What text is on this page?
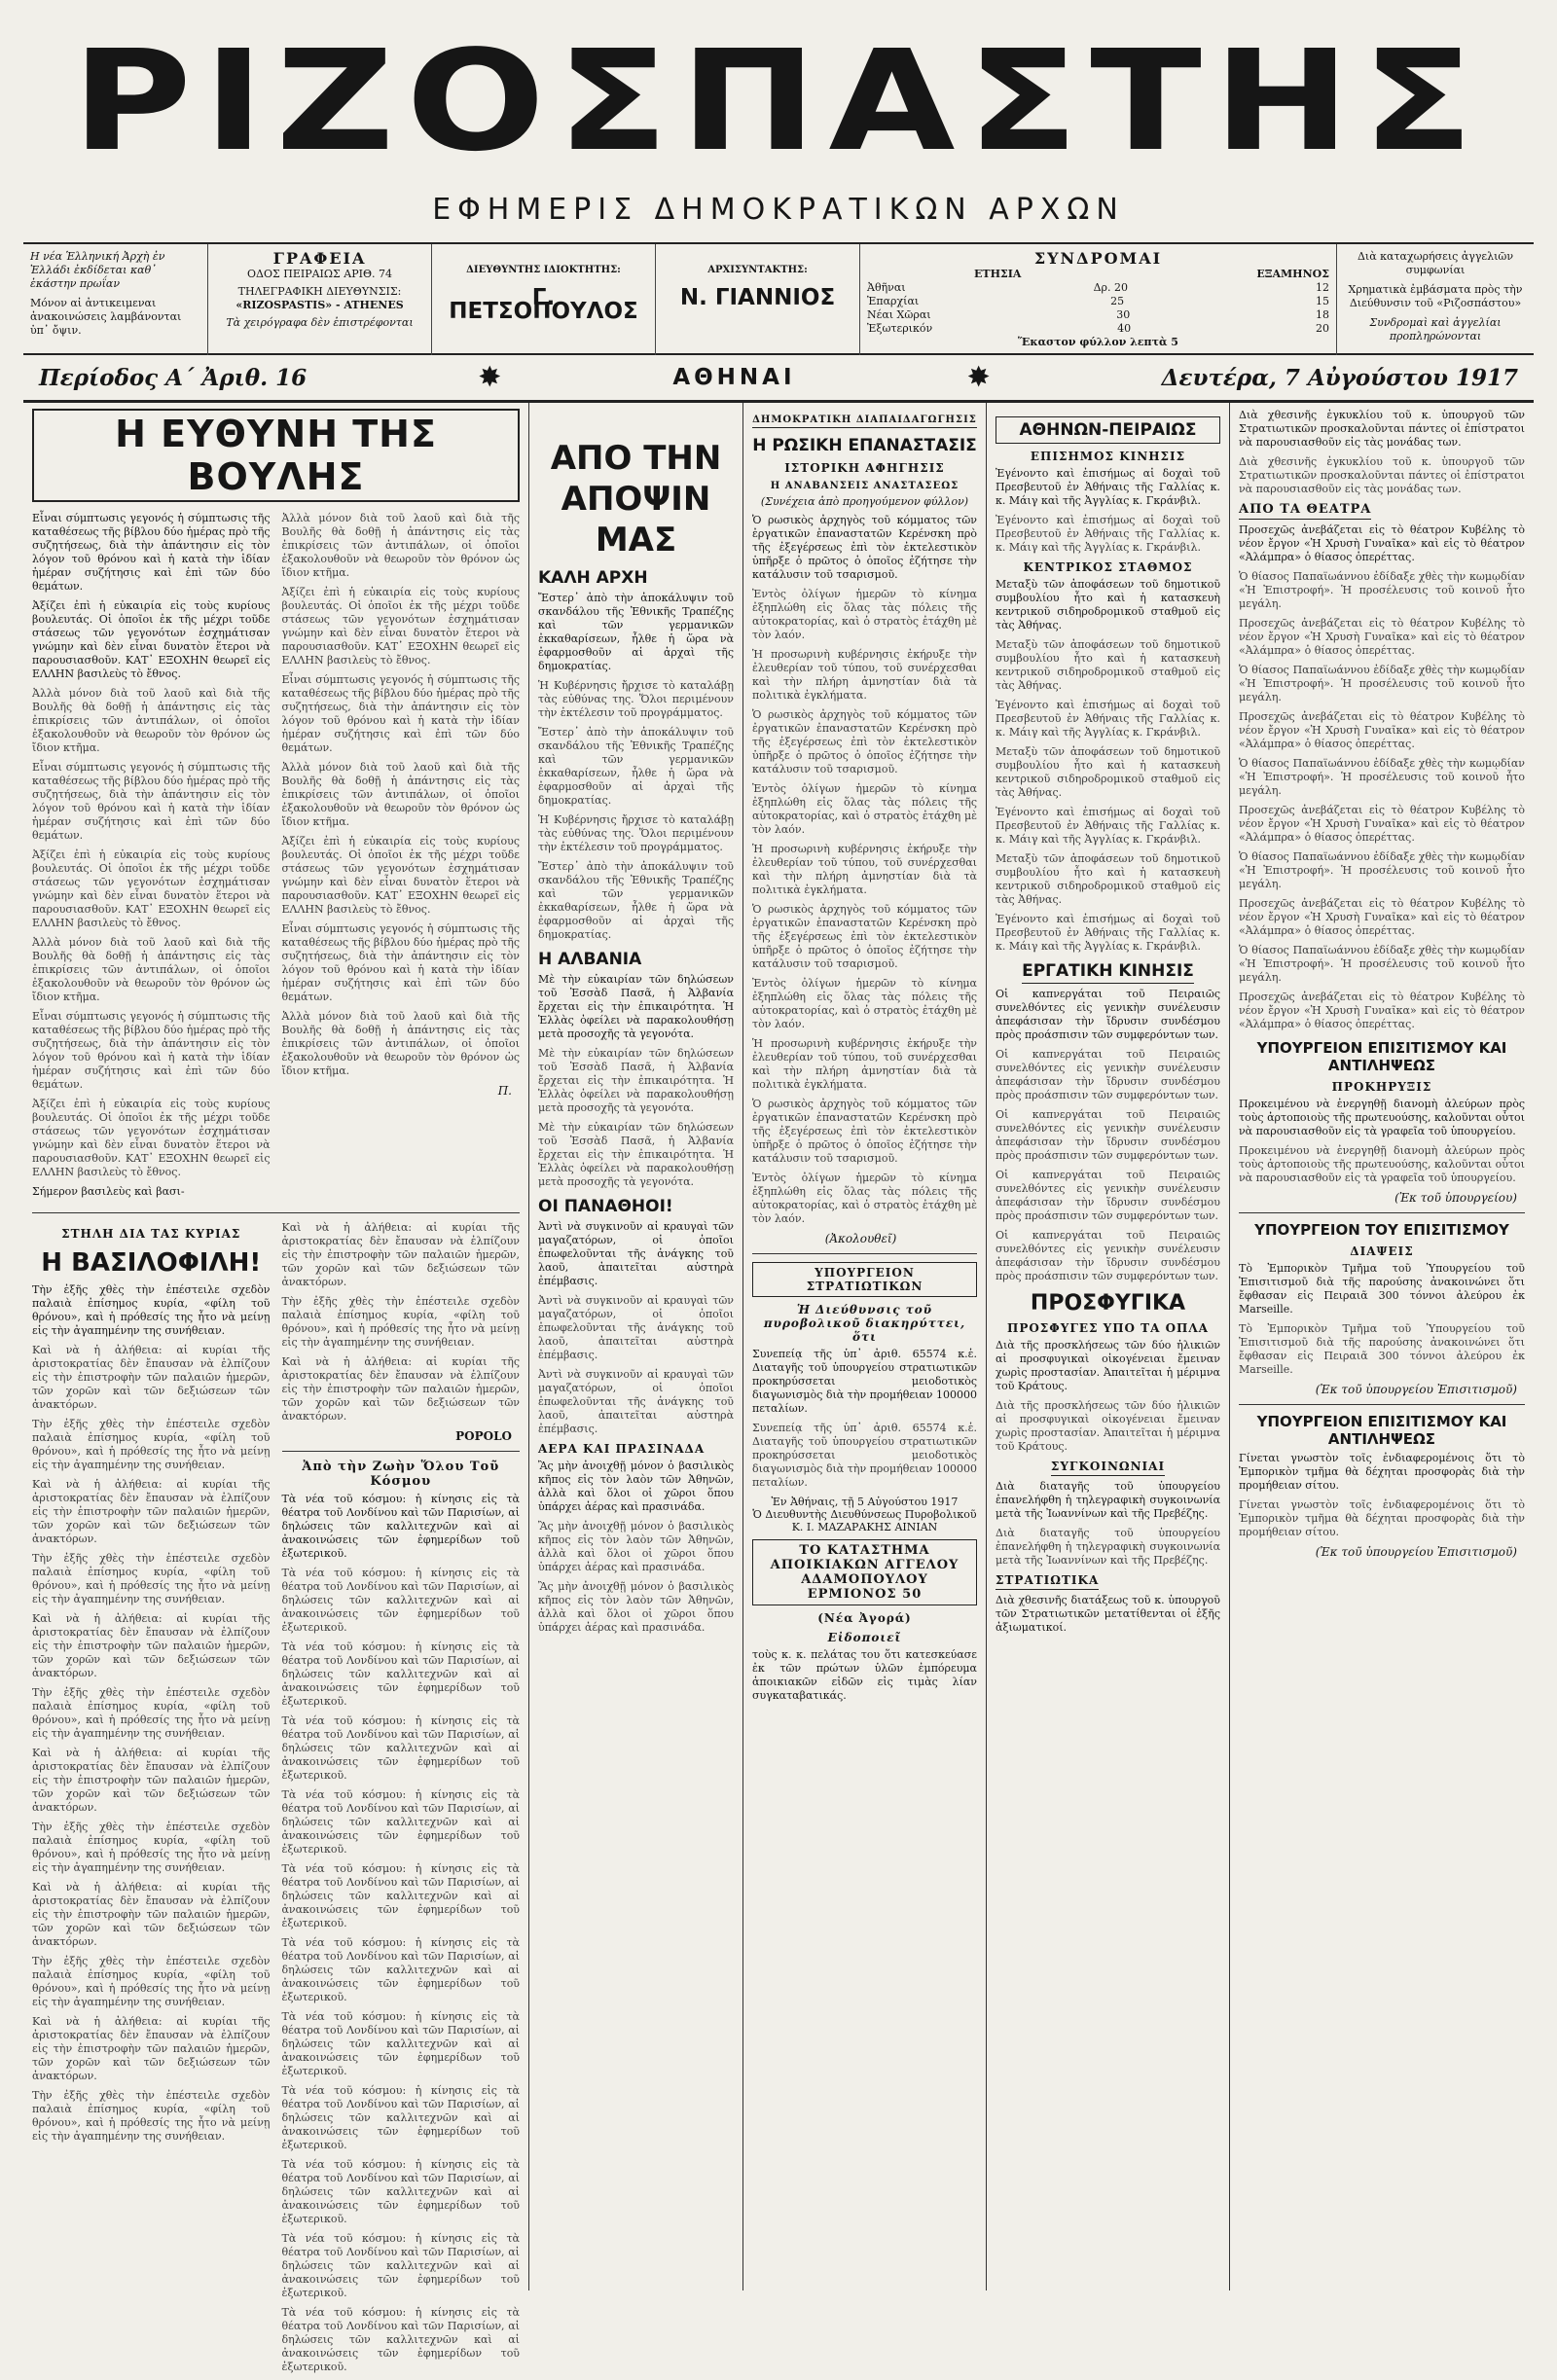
ΡΙΖΟΣΠΑΣΤΗΣ
ΕΦΗΜΕΡΙΣ ΔΗΜΟΚΡΑΤΙΚΩΝ ΑΡΧΩΝ
Η νέα Ἑλληνική Ἀρχὴ ἐν Ἑλλάδι ἐκδίδεται καθ᾽ ἑκάστην πρωΐαν
Μόνον αἱ ἀντικειμεναι ἀνακοινώσεις λαμβάνονται ὑπ᾽ ὄψιν.
ΓΡΑΦΕΙΑ
ΟΔΟΣ ΠΕΙΡΑΙΩΣ ΑΡΙΘ. 74
ΤΗΛΕΓΡΑΦΙΚΗ ΔΙΕΥΘΥΝΣΙΣ:
«RIZOSPASTIS» - ATHENES
Τὰ χειρόγραφα δὲν ἐπιστρέφονται
ΔΙΕΥΘΥΝΤΗΣ ΙΔΙΟΚΤΗΤΗΣ:
Γ. ΠΕΤΣΟΠΟΥΛΟΣ
ΑΡΧΙΣΥΝΤΑΚΤΗΣ:
Ν. ΓΙΑΝΝΙΟΣ
ΣΥΝΔΡΟΜΑΙ
ΕΤΗΣΙΑ	ΕΞΑΜΗΝΟΣ
Ἀθῆναι	Δρ. 20	12
Ἐπαρχίαι	25	15
Νέαι Χῶραι	30	18
Ἐξωτερικόν	40	20
Ἕκαστον φύλλον λεπτὰ 5
Διὰ καταχωρήσεις ἀγγελιῶν συμφωνίαι
Χρηματικὰ ἐμβάσματα πρὸς τὴν Διεύθυνσιν τοῦ «Ριζοσπάστου»
Συνδρομαὶ καὶ ἀγγελίαι προπληρώνονται
Περίοδος Α΄ Ἀριθ. 16	✸	ΑΘΗΝΑΙ	✸	Δευτέρα, 7 Αὐγούστου 1917
Η ΕΥΘΥΝΗ ΤΗΣ ΒΟΥΛΗΣ

Εἶναι σύμπτωσις γεγονός ἡ σύμπτωσις τῆς καταθέσεως τῆς βίβλου δύο ἡμέρας πρὸ τῆς συζητήσεως, διὰ τὴν ἀπάντησιν εἰς τὸν λόγον τοῦ θρόνου καὶ ἡ κατὰ τὴν ἰδίαν ἡμέραν συζήτησις καὶ ἐπὶ τῶν δύο θεμάτων.

Ἀξίζει ἐπὶ ἡ εὐκαιρία εἰς τοὺς κυρίους βουλευτάς. Οἱ ὁποῖοι ἐκ τῆς μέχρι τοῦδε στάσεως τῶν γεγονότων ἐσχημάτισαν γνώμην καὶ δὲν εἶναι δυνατὸν ἕτεροι νὰ παρουσιασθοῦν. ΚΑΤ᾽ ΕΞΟΧΗΝ θεωρεῖ εἰς ΕΛΛΗΝ βασιλεὺς τὸ ἔθνος.

Ἀλλὰ μόνον διὰ τοῦ λαοῦ καὶ διὰ τῆς Βουλῆς θὰ δοθῇ ἡ ἀπάντησις εἰς τὰς ἐπικρίσεις τῶν ἀντιπάλων, οἱ ὁποῖοι ἐξακολουθοῦν νὰ θεωροῦν τὸν θρόνον ὡς ἴδιον κτῆμα.

Εἶναι σύμπτωσις γεγονός ἡ σύμπτωσις τῆς καταθέσεως τῆς βίβλου δύο ἡμέρας πρὸ τῆς συζητήσεως, διὰ τὴν ἀπάντησιν εἰς τὸν λόγον τοῦ θρόνου καὶ ἡ κατὰ τὴν ἰδίαν ἡμέραν συζήτησις καὶ ἐπὶ τῶν δύο θεμάτων.

Ἀξίζει ἐπὶ ἡ εὐκαιρία εἰς τοὺς κυρίους βουλευτάς. Οἱ ὁποῖοι ἐκ τῆς μέχρι τοῦδε στάσεως τῶν γεγονότων ἐσχημάτισαν γνώμην καὶ δὲν εἶναι δυνατὸν ἕτεροι νὰ παρουσιασθοῦν. ΚΑΤ᾽ ΕΞΟΧΗΝ θεωρεῖ εἰς ΕΛΛΗΝ βασιλεὺς τὸ ἔθνος.

Ἀλλὰ μόνον διὰ τοῦ λαοῦ καὶ διὰ τῆς Βουλῆς θὰ δοθῇ ἡ ἀπάντησις εἰς τὰς ἐπικρίσεις τῶν ἀντιπάλων, οἱ ὁποῖοι ἐξακολουθοῦν νὰ θεωροῦν τὸν θρόνον ὡς ἴδιον κτῆμα.

Εἶναι σύμπτωσις γεγονός ἡ σύμπτωσις τῆς καταθέσεως τῆς βίβλου δύο ἡμέρας πρὸ τῆς συζητήσεως, διὰ τὴν ἀπάντησιν εἰς τὸν λόγον τοῦ θρόνου καὶ ἡ κατὰ τὴν ἰδίαν ἡμέραν συζήτησις καὶ ἐπὶ τῶν δύο θεμάτων.

Ἀξίζει ἐπὶ ἡ εὐκαιρία εἰς τοὺς κυρίους βουλευτάς. Οἱ ὁποῖοι ἐκ τῆς μέχρι τοῦδε στάσεως τῶν γεγονότων ἐσχημάτισαν γνώμην καὶ δὲν εἶναι δυνατὸν ἕτεροι νὰ παρουσιασθοῦν. ΚΑΤ᾽ ΕΞΟΧΗΝ θεωρεῖ εἰς ΕΛΛΗΝ βασιλεὺς τὸ ἔθνος.

Σήμερον βασιλεὺς καὶ βασι-

Ἀλλὰ μόνον διὰ τοῦ λαοῦ καὶ διὰ τῆς Βουλῆς θὰ δοθῇ ἡ ἀπάντησις εἰς τὰς ἐπικρίσεις τῶν ἀντιπάλων, οἱ ὁποῖοι ἐξακολουθοῦν νὰ θεωροῦν τὸν θρόνον ὡς ἴδιον κτῆμα.

Ἀξίζει ἐπὶ ἡ εὐκαιρία εἰς τοὺς κυρίους βουλευτάς. Οἱ ὁποῖοι ἐκ τῆς μέχρι τοῦδε στάσεως τῶν γεγονότων ἐσχημάτισαν γνώμην καὶ δὲν εἶναι δυνατὸν ἕτεροι νὰ παρουσιασθοῦν. ΚΑΤ᾽ ΕΞΟΧΗΝ θεωρεῖ εἰς ΕΛΛΗΝ βασιλεὺς τὸ ἔθνος.

Εἶναι σύμπτωσις γεγονός ἡ σύμπτωσις τῆς καταθέσεως τῆς βίβλου δύο ἡμέρας πρὸ τῆς συζητήσεως, διὰ τὴν ἀπάντησιν εἰς τὸν λόγον τοῦ θρόνου καὶ ἡ κατὰ τὴν ἰδίαν ἡμέραν συζήτησις καὶ ἐπὶ τῶν δύο θεμάτων.

Ἀλλὰ μόνον διὰ τοῦ λαοῦ καὶ διὰ τῆς Βουλῆς θὰ δοθῇ ἡ ἀπάντησις εἰς τὰς ἐπικρίσεις τῶν ἀντιπάλων, οἱ ὁποῖοι ἐξακολουθοῦν νὰ θεωροῦν τὸν θρόνον ὡς ἴδιον κτῆμα.

Ἀξίζει ἐπὶ ἡ εὐκαιρία εἰς τοὺς κυρίους βουλευτάς. Οἱ ὁποῖοι ἐκ τῆς μέχρι τοῦδε στάσεως τῶν γεγονότων ἐσχημάτισαν γνώμην καὶ δὲν εἶναι δυνατὸν ἕτεροι νὰ παρουσιασθοῦν. ΚΑΤ᾽ ΕΞΟΧΗΝ θεωρεῖ εἰς ΕΛΛΗΝ βασιλεὺς τὸ ἔθνος.

Εἶναι σύμπτωσις γεγονός ἡ σύμπτωσις τῆς καταθέσεως τῆς βίβλου δύο ἡμέρας πρὸ τῆς συζητήσεως, διὰ τὴν ἀπάντησιν εἰς τὸν λόγον τοῦ θρόνου καὶ ἡ κατὰ τὴν ἰδίαν ἡμέραν συζήτησις καὶ ἐπὶ τῶν δύο θεμάτων.

Ἀλλὰ μόνον διὰ τοῦ λαοῦ καὶ διὰ τῆς Βουλῆς θὰ δοθῇ ἡ ἀπάντησις εἰς τὰς ἐπικρίσεις τῶν ἀντιπάλων, οἱ ὁποῖοι ἐξακολουθοῦν νὰ θεωροῦν τὸν θρόνον ὡς ἴδιον κτῆμα.

Π.
ΣΤΗΛΗ ΔΙΑ ΤΑΣ ΚΥΡΙΑΣ
Η ΒΑΣΙΛΟΦΙΛΗ!

Τὴν ἐξῆς χθὲς τὴν ἐπέστειλε σχεδὸν παλαιὰ ἐπίσημος κυρία, «φίλη τοῦ θρόνου», καὶ ἡ πρόθεσίς της ἦτο νὰ μείνῃ εἰς τὴν ἀγαπημένην της συνήθειαν.

Καὶ νὰ ἡ ἀλήθεια: αἱ κυρίαι τῆς ἀριστοκρατίας δὲν ἔπαυσαν νὰ ἐλπίζουν εἰς τὴν ἐπιστροφὴν τῶν παλαιῶν ἡμερῶν, τῶν χορῶν καὶ τῶν δεξιώσεων τῶν ἀνακτόρων.

Τὴν ἐξῆς χθὲς τὴν ἐπέστειλε σχεδὸν παλαιὰ ἐπίσημος κυρία, «φίλη τοῦ θρόνου», καὶ ἡ πρόθεσίς της ἦτο νὰ μείνῃ εἰς τὴν ἀγαπημένην της συνήθειαν.

Καὶ νὰ ἡ ἀλήθεια: αἱ κυρίαι τῆς ἀριστοκρατίας δὲν ἔπαυσαν νὰ ἐλπίζουν εἰς τὴν ἐπιστροφὴν τῶν παλαιῶν ἡμερῶν, τῶν χορῶν καὶ τῶν δεξιώσεων τῶν ἀνακτόρων.

Τὴν ἐξῆς χθὲς τὴν ἐπέστειλε σχεδὸν παλαιὰ ἐπίσημος κυρία, «φίλη τοῦ θρόνου», καὶ ἡ πρόθεσίς της ἦτο νὰ μείνῃ εἰς τὴν ἀγαπημένην της συνήθειαν.

Καὶ νὰ ἡ ἀλήθεια: αἱ κυρίαι τῆς ἀριστοκρατίας δὲν ἔπαυσαν νὰ ἐλπίζουν εἰς τὴν ἐπιστροφὴν τῶν παλαιῶν ἡμερῶν, τῶν χορῶν καὶ τῶν δεξιώσεων τῶν ἀνακτόρων.

Τὴν ἐξῆς χθὲς τὴν ἐπέστειλε σχεδὸν παλαιὰ ἐπίσημος κυρία, «φίλη τοῦ θρόνου», καὶ ἡ πρόθεσίς της ἦτο νὰ μείνῃ εἰς τὴν ἀγαπημένην της συνήθειαν.

Καὶ νὰ ἡ ἀλήθεια: αἱ κυρίαι τῆς ἀριστοκρατίας δὲν ἔπαυσαν νὰ ἐλπίζουν εἰς τὴν ἐπιστροφὴν τῶν παλαιῶν ἡμερῶν, τῶν χορῶν καὶ τῶν δεξιώσεων τῶν ἀνακτόρων.

Τὴν ἐξῆς χθὲς τὴν ἐπέστειλε σχεδὸν παλαιὰ ἐπίσημος κυρία, «φίλη τοῦ θρόνου», καὶ ἡ πρόθεσίς της ἦτο νὰ μείνῃ εἰς τὴν ἀγαπημένην της συνήθειαν.

Καὶ νὰ ἡ ἀλήθεια: αἱ κυρίαι τῆς ἀριστοκρατίας δὲν ἔπαυσαν νὰ ἐλπίζουν εἰς τὴν ἐπιστροφὴν τῶν παλαιῶν ἡμερῶν, τῶν χορῶν καὶ τῶν δεξιώσεων τῶν ἀνακτόρων.

Τὴν ἐξῆς χθὲς τὴν ἐπέστειλε σχεδὸν παλαιὰ ἐπίσημος κυρία, «φίλη τοῦ θρόνου», καὶ ἡ πρόθεσίς της ἦτο νὰ μείνῃ εἰς τὴν ἀγαπημένην της συνήθειαν.

Καὶ νὰ ἡ ἀλήθεια: αἱ κυρίαι τῆς ἀριστοκρατίας δὲν ἔπαυσαν νὰ ἐλπίζουν εἰς τὴν ἐπιστροφὴν τῶν παλαιῶν ἡμερῶν, τῶν χορῶν καὶ τῶν δεξιώσεων τῶν ἀνακτόρων.

Τὴν ἐξῆς χθὲς τὴν ἐπέστειλε σχεδὸν παλαιὰ ἐπίσημος κυρία, «φίλη τοῦ θρόνου», καὶ ἡ πρόθεσίς της ἦτο νὰ μείνῃ εἰς τὴν ἀγαπημένην της συνήθειαν.

Καὶ νὰ ἡ ἀλήθεια: αἱ κυρίαι τῆς ἀριστοκρατίας δὲν ἔπαυσαν νὰ ἐλπίζουν εἰς τὴν ἐπιστροφὴν τῶν παλαιῶν ἡμερῶν, τῶν χορῶν καὶ τῶν δεξιώσεων τῶν ἀνακτόρων.

Τὴν ἐξῆς χθὲς τὴν ἐπέστειλε σχεδὸν παλαιὰ ἐπίσημος κυρία, «φίλη τοῦ θρόνου», καὶ ἡ πρόθεσίς της ἦτο νὰ μείνῃ εἰς τὴν ἀγαπημένην της συνήθειαν.

Καὶ νὰ ἡ ἀλήθεια: αἱ κυρίαι τῆς ἀριστοκρατίας δὲν ἔπαυσαν νὰ ἐλπίζουν εἰς τὴν ἐπιστροφὴν τῶν παλαιῶν ἡμερῶν, τῶν χορῶν καὶ τῶν δεξιώσεων τῶν ἀνακτόρων.

POPOLO
Ἀπὸ τὴν Ζωὴν Ὅλου Τοῦ Κόσμου

Τὰ νέα τοῦ κόσμου: ἡ κίνησις εἰς τὰ θέατρα τοῦ Λονδίνου καὶ τῶν Παρισίων, αἱ δηλώσεις τῶν καλλιτεχνῶν καὶ αἱ ἀνακοινώσεις τῶν ἐφημερίδων τοῦ ἐξωτερικοῦ.

Τὰ νέα τοῦ κόσμου: ἡ κίνησις εἰς τὰ θέατρα τοῦ Λονδίνου καὶ τῶν Παρισίων, αἱ δηλώσεις τῶν καλλιτεχνῶν καὶ αἱ ἀνακοινώσεις τῶν ἐφημερίδων τοῦ ἐξωτερικοῦ.

Τὰ νέα τοῦ κόσμου: ἡ κίνησις εἰς τὰ θέατρα τοῦ Λονδίνου καὶ τῶν Παρισίων, αἱ δηλώσεις τῶν καλλιτεχνῶν καὶ αἱ ἀνακοινώσεις τῶν ἐφημερίδων τοῦ ἐξωτερικοῦ.

Τὰ νέα τοῦ κόσμου: ἡ κίνησις εἰς τὰ θέατρα τοῦ Λονδίνου καὶ τῶν Παρισίων, αἱ δηλώσεις τῶν καλλιτεχνῶν καὶ αἱ ἀνακοινώσεις τῶν ἐφημερίδων τοῦ ἐξωτερικοῦ.

Τὰ νέα τοῦ κόσμου: ἡ κίνησις εἰς τὰ θέατρα τοῦ Λονδίνου καὶ τῶν Παρισίων, αἱ δηλώσεις τῶν καλλιτεχνῶν καὶ αἱ ἀνακοινώσεις τῶν ἐφημερίδων τοῦ ἐξωτερικοῦ.

Τὰ νέα τοῦ κόσμου: ἡ κίνησις εἰς τὰ θέατρα τοῦ Λονδίνου καὶ τῶν Παρισίων, αἱ δηλώσεις τῶν καλλιτεχνῶν καὶ αἱ ἀνακοινώσεις τῶν ἐφημερίδων τοῦ ἐξωτερικοῦ.

Τὰ νέα τοῦ κόσμου: ἡ κίνησις εἰς τὰ θέατρα τοῦ Λονδίνου καὶ τῶν Παρισίων, αἱ δηλώσεις τῶν καλλιτεχνῶν καὶ αἱ ἀνακοινώσεις τῶν ἐφημερίδων τοῦ ἐξωτερικοῦ.

Τὰ νέα τοῦ κόσμου: ἡ κίνησις εἰς τὰ θέατρα τοῦ Λονδίνου καὶ τῶν Παρισίων, αἱ δηλώσεις τῶν καλλιτεχνῶν καὶ αἱ ἀνακοινώσεις τῶν ἐφημερίδων τοῦ ἐξωτερικοῦ.

Τὰ νέα τοῦ κόσμου: ἡ κίνησις εἰς τὰ θέατρα τοῦ Λονδίνου καὶ τῶν Παρισίων, αἱ δηλώσεις τῶν καλλιτεχνῶν καὶ αἱ ἀνακοινώσεις τῶν ἐφημερίδων τοῦ ἐξωτερικοῦ.

Τὰ νέα τοῦ κόσμου: ἡ κίνησις εἰς τὰ θέατρα τοῦ Λονδίνου καὶ τῶν Παρισίων, αἱ δηλώσεις τῶν καλλιτεχνῶν καὶ αἱ ἀνακοινώσεις τῶν ἐφημερίδων τοῦ ἐξωτερικοῦ.

Τὰ νέα τοῦ κόσμου: ἡ κίνησις εἰς τὰ θέατρα τοῦ Λονδίνου καὶ τῶν Παρισίων, αἱ δηλώσεις τῶν καλλιτεχνῶν καὶ αἱ ἀνακοινώσεις τῶν ἐφημερίδων τοῦ ἐξωτερικοῦ.

Τὰ νέα τοῦ κόσμου: ἡ κίνησις εἰς τὰ θέατρα τοῦ Λονδίνου καὶ τῶν Παρισίων, αἱ δηλώσεις τῶν καλλιτεχνῶν καὶ αἱ ἀνακοινώσεις τῶν ἐφημερίδων τοῦ ἐξωτερικοῦ.

ΑΠΟ ΤΗΝ ΑΠΟΨΙΝ ΜΑΣ
ΚΑΛΗ ΑΡΧΗ

Ἔστερ᾽ ἀπὸ τὴν ἀποκάλυψιν τοῦ σκανδάλου τῆς Ἐθνικῆς Τραπέζης καὶ τῶν γερμανικῶν ἐκκαθαρίσεων, ἦλθε ἡ ὥρα νὰ ἐφαρμοσθοῦν αἱ ἀρχαὶ τῆς δημοκρατίας.

Ἡ Κυβέρνησις ἤρχισε τὸ καταλάβῃ τὰς εὐθύνας της. Ὅλοι περιμένουν τὴν ἐκτέλεσιν τοῦ προγράμματος.

Ἔστερ᾽ ἀπὸ τὴν ἀποκάλυψιν τοῦ σκανδάλου τῆς Ἐθνικῆς Τραπέζης καὶ τῶν γερμανικῶν ἐκκαθαρίσεων, ἦλθε ἡ ὥρα νὰ ἐφαρμοσθοῦν αἱ ἀρχαὶ τῆς δημοκρατίας.

Ἡ Κυβέρνησις ἤρχισε τὸ καταλάβῃ τὰς εὐθύνας της. Ὅλοι περιμένουν τὴν ἐκτέλεσιν τοῦ προγράμματος.

Ἔστερ᾽ ἀπὸ τὴν ἀποκάλυψιν τοῦ σκανδάλου τῆς Ἐθνικῆς Τραπέζης καὶ τῶν γερμανικῶν ἐκκαθαρίσεων, ἦλθε ἡ ὥρα νὰ ἐφαρμοσθοῦν αἱ ἀρχαὶ τῆς δημοκρατίας.

Η ΑΛΒΑΝΙΑ

Μὲ τὴν εὐκαιρίαν τῶν δηλώσεων τοῦ Ἐσσὰδ Πασᾶ, ἡ Ἀλβανία ἔρχεται εἰς τὴν ἐπικαιρότητα. Ἡ Ἑλλὰς ὀφείλει νὰ παρακολουθήσῃ μετὰ προσοχῆς τὰ γεγονότα.

Μὲ τὴν εὐκαιρίαν τῶν δηλώσεων τοῦ Ἐσσὰδ Πασᾶ, ἡ Ἀλβανία ἔρχεται εἰς τὴν ἐπικαιρότητα. Ἡ Ἑλλὰς ὀφείλει νὰ παρακολουθήσῃ μετὰ προσοχῆς τὰ γεγονότα.

Μὲ τὴν εὐκαιρίαν τῶν δηλώσεων τοῦ Ἐσσὰδ Πασᾶ, ἡ Ἀλβανία ἔρχεται εἰς τὴν ἐπικαιρότητα. Ἡ Ἑλλὰς ὀφείλει νὰ παρακολουθήσῃ μετὰ προσοχῆς τὰ γεγονότα.

ΟΙ ΠΑΝΑΘΗΟΙ!

Ἀντὶ νὰ συγκινοῦν αἱ κραυγαὶ τῶν μαγαζατόρων, οἱ ὁποῖοι ἐπωφελοῦνται τῆς ἀνάγκης τοῦ λαοῦ, ἀπαιτεῖται αὐστηρὰ ἐπέμβασις.

Ἀντὶ νὰ συγκινοῦν αἱ κραυγαὶ τῶν μαγαζατόρων, οἱ ὁποῖοι ἐπωφελοῦνται τῆς ἀνάγκης τοῦ λαοῦ, ἀπαιτεῖται αὐστηρὰ ἐπέμβασις.

Ἀντὶ νὰ συγκινοῦν αἱ κραυγαὶ τῶν μαγαζατόρων, οἱ ὁποῖοι ἐπωφελοῦνται τῆς ἀνάγκης τοῦ λαοῦ, ἀπαιτεῖται αὐστηρὰ ἐπέμβασις.

ΑΕΡΑ ΚΑΙ ΠΡΑΣΙΝΑΔΑ

Ἂς μὴν ἀνοιχθῇ μόνον ὁ βασιλικὸς κῆπος εἰς τὸν λαὸν τῶν Ἀθηνῶν, ἀλλὰ καὶ ὅλοι οἱ χῶροι ὅπου ὑπάρχει ἀέρας καὶ πρασινάδα.

Ἂς μὴν ἀνοιχθῇ μόνον ὁ βασιλικὸς κῆπος εἰς τὸν λαὸν τῶν Ἀθηνῶν, ἀλλὰ καὶ ὅλοι οἱ χῶροι ὅπου ὑπάρχει ἀέρας καὶ πρασινάδα.

Ἂς μὴν ἀνοιχθῇ μόνον ὁ βασιλικὸς κῆπος εἰς τὸν λαὸν τῶν Ἀθηνῶν, ἀλλὰ καὶ ὅλοι οἱ χῶροι ὅπου ὑπάρχει ἀέρας καὶ πρασινάδα.

ΔΗΜΟΚΡΑΤΙΚΗ ΔΙΑΠΑΙΔΑΓΩΓΗΣΙΣ
Η ΡΩΣΙΚΗ ΕΠΑΝΑΣΤΑΣΙΣ
ΙΣΤΟΡΙΚΗ ΑΦΗΓΗΣΙΣ
Η ΑΝΑΒΑΝΣΕΙΣ ΑΝΑΣΤΑΣΕΩΣ
(Συνέχεια ἀπὸ προηγούμενον φύλλον)

Ὁ ρωσικὸς ἀρχηγὸς τοῦ κόμματος τῶν ἐργατικῶν ἐπαναστατῶν Κερένσκη πρὸ τῆς ἐξεγέρσεως ἐπὶ τὸν ἐκτελεστικὸν ὑπῆρξε ὁ πρῶτος ὁ ὁποῖος ἐζήτησε τὴν κατάλυσιν τοῦ τσαρισμοῦ.

Ἐντὸς ὀλίγων ἡμερῶν τὸ κίνημα ἐξηπλώθη εἰς ὅλας τὰς πόλεις τῆς αὐτοκρατορίας, καὶ ὁ στρατὸς ἐτάχθη μὲ τὸν λαόν.

Ἡ προσωρινὴ κυβέρνησις ἐκήρυξε τὴν ἐλευθερίαν τοῦ τύπου, τοῦ συνέρχεσθαι καὶ τὴν πλήρη ἀμνηστίαν διὰ τὰ πολιτικὰ ἐγκλήματα.

Ὁ ρωσικὸς ἀρχηγὸς τοῦ κόμματος τῶν ἐργατικῶν ἐπαναστατῶν Κερένσκη πρὸ τῆς ἐξεγέρσεως ἐπὶ τὸν ἐκτελεστικὸν ὑπῆρξε ὁ πρῶτος ὁ ὁποῖος ἐζήτησε τὴν κατάλυσιν τοῦ τσαρισμοῦ.

Ἐντὸς ὀλίγων ἡμερῶν τὸ κίνημα ἐξηπλώθη εἰς ὅλας τὰς πόλεις τῆς αὐτοκρατορίας, καὶ ὁ στρατὸς ἐτάχθη μὲ τὸν λαόν.

Ἡ προσωρινὴ κυβέρνησις ἐκήρυξε τὴν ἐλευθερίαν τοῦ τύπου, τοῦ συνέρχεσθαι καὶ τὴν πλήρη ἀμνηστίαν διὰ τὰ πολιτικὰ ἐγκλήματα.

Ὁ ρωσικὸς ἀρχηγὸς τοῦ κόμματος τῶν ἐργατικῶν ἐπαναστατῶν Κερένσκη πρὸ τῆς ἐξεγέρσεως ἐπὶ τὸν ἐκτελεστικὸν ὑπῆρξε ὁ πρῶτος ὁ ὁποῖος ἐζήτησε τὴν κατάλυσιν τοῦ τσαρισμοῦ.

Ἐντὸς ὀλίγων ἡμερῶν τὸ κίνημα ἐξηπλώθη εἰς ὅλας τὰς πόλεις τῆς αὐτοκρατορίας, καὶ ὁ στρατὸς ἐτάχθη μὲ τὸν λαόν.

Ἡ προσωρινὴ κυβέρνησις ἐκήρυξε τὴν ἐλευθερίαν τοῦ τύπου, τοῦ συνέρχεσθαι καὶ τὴν πλήρη ἀμνηστίαν διὰ τὰ πολιτικὰ ἐγκλήματα.

Ὁ ρωσικὸς ἀρχηγὸς τοῦ κόμματος τῶν ἐργατικῶν ἐπαναστατῶν Κερένσκη πρὸ τῆς ἐξεγέρσεως ἐπὶ τὸν ἐκτελεστικὸν ὑπῆρξε ὁ πρῶτος ὁ ὁποῖος ἐζήτησε τὴν κατάλυσιν τοῦ τσαρισμοῦ.

Ἐντὸς ὀλίγων ἡμερῶν τὸ κίνημα ἐξηπλώθη εἰς ὅλας τὰς πόλεις τῆς αὐτοκρατορίας, καὶ ὁ στρατὸς ἐτάχθη μὲ τὸν λαόν.

(Ἀκολουθεῖ)
ΥΠΟΥΡΓΕΙΟΝ ΣΤΡΑΤΙΩΤΙΚΩΝ
Ἡ Διεύθυνσις τοῦ πυροβολικοῦ διακηρύττει, ὅτι

Συνεπείᾳ τῆς ὑπ᾽ ἀριθ. 65574 κ.ἑ. Διαταγῆς τοῦ ὑπουργείου στρατιωτικῶν προκηρύσσεται μειοδοτικὸς διαγωνισμὸς διὰ τὴν προμήθειαν 100000 πεταλίων.

Συνεπείᾳ τῆς ὑπ᾽ ἀριθ. 65574 κ.ἑ. Διαταγῆς τοῦ ὑπουργείου στρατιωτικῶν προκηρύσσεται μειοδοτικὸς διαγωνισμὸς διὰ τὴν προμήθειαν 100000 πεταλίων.

Ἐν Ἀθήναις, τῇ 5 Αὐγούστου 1917
Ὁ Διευθυντὴς Διευθύνσεως Πυροβολικοῦ Κ. Ι. ΜΑΖΑΡΑΚΗΣ ΑΙΝΙΑΝ
ΤΟ ΚΑΤΑΣΤΗΜΑ ΑΠΟΙΚΙΑΚΩΝ ΑΓΓΕΛΟΥ ΑΔΑΜΟΠΟΥΛΟΥ ΕΡΜΙΟΝΟΣ 50
(Νέα Ἀγορά)
Εἰδοποιεῖ

τοὺς κ. κ. πελάτας του ὅτι κατεσκεύασε ἐκ τῶν πρώτων ὑλῶν ἐμπόρευμα ἀποικιακῶν εἰδῶν εἰς τιμὰς λίαν συγκαταβατικάς.

ΑΘΗΝΩΝ-ΠΕΙΡΑΙΩΣ
ΕΠΙΣΗΜΟΣ ΚΙΝΗΣΙΣ

Ἐγένοντο καὶ ἐπισήμως αἱ δοχαὶ τοῦ Πρεσβευτοῦ ἐν Ἀθήναις τῆς Γαλλίας κ. κ. Μάιγ καὶ τῆς Ἀγγλίας κ. Γκράνβιλ.

Ἐγένοντο καὶ ἐπισήμως αἱ δοχαὶ τοῦ Πρεσβευτοῦ ἐν Ἀθήναις τῆς Γαλλίας κ. κ. Μάιγ καὶ τῆς Ἀγγλίας κ. Γκράνβιλ.

ΚΕΝΤΡΙΚΟΣ ΣΤΑΘΜΟΣ

Μεταξὺ τῶν ἀποφάσεων τοῦ δημοτικοῦ συμβουλίου ἦτο καὶ ἡ κατασκευὴ κεντρικοῦ σιδηροδρομικοῦ σταθμοῦ εἰς τὰς Ἀθήνας.

Μεταξὺ τῶν ἀποφάσεων τοῦ δημοτικοῦ συμβουλίου ἦτο καὶ ἡ κατασκευὴ κεντρικοῦ σιδηροδρομικοῦ σταθμοῦ εἰς τὰς Ἀθήνας.

Ἐγένοντο καὶ ἐπισήμως αἱ δοχαὶ τοῦ Πρεσβευτοῦ ἐν Ἀθήναις τῆς Γαλλίας κ. κ. Μάιγ καὶ τῆς Ἀγγλίας κ. Γκράνβιλ.

Μεταξὺ τῶν ἀποφάσεων τοῦ δημοτικοῦ συμβουλίου ἦτο καὶ ἡ κατασκευὴ κεντρικοῦ σιδηροδρομικοῦ σταθμοῦ εἰς τὰς Ἀθήνας.

Ἐγένοντο καὶ ἐπισήμως αἱ δοχαὶ τοῦ Πρεσβευτοῦ ἐν Ἀθήναις τῆς Γαλλίας κ. κ. Μάιγ καὶ τῆς Ἀγγλίας κ. Γκράνβιλ.

Μεταξὺ τῶν ἀποφάσεων τοῦ δημοτικοῦ συμβουλίου ἦτο καὶ ἡ κατασκευὴ κεντρικοῦ σιδηροδρομικοῦ σταθμοῦ εἰς τὰς Ἀθήνας.

Ἐγένοντο καὶ ἐπισήμως αἱ δοχαὶ τοῦ Πρεσβευτοῦ ἐν Ἀθήναις τῆς Γαλλίας κ. κ. Μάιγ καὶ τῆς Ἀγγλίας κ. Γκράνβιλ.

ΕΡΓΑΤΙΚΗ ΚΙΝΗΣΙΣ

Οἱ καπνεργάται τοῦ Πειραιῶς συνελθόντες εἰς γενικὴν συνέλευσιν ἀπεφάσισαν τὴν ἵδρυσιν συνδέσμου πρὸς προάσπισιν τῶν συμφερόντων των.

Οἱ καπνεργάται τοῦ Πειραιῶς συνελθόντες εἰς γενικὴν συνέλευσιν ἀπεφάσισαν τὴν ἵδρυσιν συνδέσμου πρὸς προάσπισιν τῶν συμφερόντων των.

Οἱ καπνεργάται τοῦ Πειραιῶς συνελθόντες εἰς γενικὴν συνέλευσιν ἀπεφάσισαν τὴν ἵδρυσιν συνδέσμου πρὸς προάσπισιν τῶν συμφερόντων των.

Οἱ καπνεργάται τοῦ Πειραιῶς συνελθόντες εἰς γενικὴν συνέλευσιν ἀπεφάσισαν τὴν ἵδρυσιν συνδέσμου πρὸς προάσπισιν τῶν συμφερόντων των.

Οἱ καπνεργάται τοῦ Πειραιῶς συνελθόντες εἰς γενικὴν συνέλευσιν ἀπεφάσισαν τὴν ἵδρυσιν συνδέσμου πρὸς προάσπισιν τῶν συμφερόντων των.

ΠΡΟΣΦΥΓΙΚΑ
ΠΡΟΣΦΥΓΕΣ ΥΠΟ ΤΑ ΟΠΛΑ

Διὰ τῆς προσκλήσεως τῶν δύο ἡλικιῶν αἱ προσφυγικαὶ οἰκογένειαι ἔμειναν χωρὶς προστασίαν. Ἀπαιτεῖται ἡ μέριμνα τοῦ Κράτους.

Διὰ τῆς προσκλήσεως τῶν δύο ἡλικιῶν αἱ προσφυγικαὶ οἰκογένειαι ἔμειναν χωρὶς προστασίαν. Ἀπαιτεῖται ἡ μέριμνα τοῦ Κράτους.

ΣΥΓΚΟΙΝΩΝΙΑΙ

Διὰ διαταγῆς τοῦ ὑπουργείου ἐπανελήφθη ἡ τηλεγραφικὴ συγκοινωνία μετὰ τῆς Ἰωαννίνων καὶ τῆς Πρεβέζης.

Διὰ διαταγῆς τοῦ ὑπουργείου ἐπανελήφθη ἡ τηλεγραφικὴ συγκοινωνία μετὰ τῆς Ἰωαννίνων καὶ τῆς Πρεβέζης.

ΣΤΡΑΤΙΩΤΙΚΑ

Διὰ χθεσινῆς διατάξεως τοῦ κ. ὑπουργοῦ τῶν Στρατιωτικῶν μετατίθενται οἱ ἑξῆς ἀξιωματικοί.

Διὰ χθεσινῆς ἐγκυκλίου τοῦ κ. ὑπουργοῦ τῶν Στρατιωτικῶν προσκαλοῦνται πάντες οἱ ἐπίστρατοι νὰ παρουσιασθοῦν εἰς τὰς μονάδας των.

Διὰ χθεσινῆς ἐγκυκλίου τοῦ κ. ὑπουργοῦ τῶν Στρατιωτικῶν προσκαλοῦνται πάντες οἱ ἐπίστρατοι νὰ παρουσιασθοῦν εἰς τὰς μονάδας των.

ΑΠΟ ΤΑ ΘΕΑΤΡΑ

Προσεχῶς ἀνεβάζεται εἰς τὸ θέατρον Κυβέλης τὸ νέον ἔργον «Ἡ Χρυσὴ Γυναῖκα» καὶ εἰς τὸ θέατρον «Ἀλάμπρα» ὁ θίασος ὁπερέττας.

Ὁ θίασος Παπαϊωάννου ἐδίδαξε χθὲς τὴν κωμῳδίαν «Ἡ Ἐπιστροφή». Ἡ προσέλευσις τοῦ κοινοῦ ἦτο μεγάλη.

Προσεχῶς ἀνεβάζεται εἰς τὸ θέατρον Κυβέλης τὸ νέον ἔργον «Ἡ Χρυσὴ Γυναῖκα» καὶ εἰς τὸ θέατρον «Ἀλάμπρα» ὁ θίασος ὁπερέττας.

Ὁ θίασος Παπαϊωάννου ἐδίδαξε χθὲς τὴν κωμῳδίαν «Ἡ Ἐπιστροφή». Ἡ προσέλευσις τοῦ κοινοῦ ἦτο μεγάλη.

Προσεχῶς ἀνεβάζεται εἰς τὸ θέατρον Κυβέλης τὸ νέον ἔργον «Ἡ Χρυσὴ Γυναῖκα» καὶ εἰς τὸ θέατρον «Ἀλάμπρα» ὁ θίασος ὁπερέττας.

Ὁ θίασος Παπαϊωάννου ἐδίδαξε χθὲς τὴν κωμῳδίαν «Ἡ Ἐπιστροφή». Ἡ προσέλευσις τοῦ κοινοῦ ἦτο μεγάλη.

Προσεχῶς ἀνεβάζεται εἰς τὸ θέατρον Κυβέλης τὸ νέον ἔργον «Ἡ Χρυσὴ Γυναῖκα» καὶ εἰς τὸ θέατρον «Ἀλάμπρα» ὁ θίασος ὁπερέττας.

Ὁ θίασος Παπαϊωάννου ἐδίδαξε χθὲς τὴν κωμῳδίαν «Ἡ Ἐπιστροφή». Ἡ προσέλευσις τοῦ κοινοῦ ἦτο μεγάλη.

Προσεχῶς ἀνεβάζεται εἰς τὸ θέατρον Κυβέλης τὸ νέον ἔργον «Ἡ Χρυσὴ Γυναῖκα» καὶ εἰς τὸ θέατρον «Ἀλάμπρα» ὁ θίασος ὁπερέττας.

Ὁ θίασος Παπαϊωάννου ἐδίδαξε χθὲς τὴν κωμῳδίαν «Ἡ Ἐπιστροφή». Ἡ προσέλευσις τοῦ κοινοῦ ἦτο μεγάλη.

Προσεχῶς ἀνεβάζεται εἰς τὸ θέατρον Κυβέλης τὸ νέον ἔργον «Ἡ Χρυσὴ Γυναῖκα» καὶ εἰς τὸ θέατρον «Ἀλάμπρα» ὁ θίασος ὁπερέττας.

ΥΠΟΥΡΓΕΙΟΝ ΕΠΙΣΙΤΙΣΜΟΥ ΚΑΙ ΑΝΤΙΛΗΨΕΩΣ
ΠΡΟΚΗΡΥΞΙΣ

Προκειμένου νὰ ἐνεργηθῇ διανομὴ ἀλεύρων πρὸς τοὺς ἀρτοποιοὺς τῆς πρωτευούσης, καλοῦνται οὗτοι νὰ παρουσιασθοῦν εἰς τὰ γραφεῖα τοῦ ὑπουργείου.

Προκειμένου νὰ ἐνεργηθῇ διανομὴ ἀλεύρων πρὸς τοὺς ἀρτοποιοὺς τῆς πρωτευούσης, καλοῦνται οὗτοι νὰ παρουσιασθοῦν εἰς τὰ γραφεῖα τοῦ ὑπουργείου.

(Ἐκ τοῦ ὑπουργείου)
ΥΠΟΥΡΓΕΙΟΝ ΤΟΥ ΕΠΙΣΙΤΙΣΜΟΥ
ΔΙΑΨΕΙΣ

Τὸ Ἐμπορικὸν Τμῆμα τοῦ Ὑπουργείου τοῦ Ἐπισιτισμοῦ διὰ τῆς παρούσης ἀνακοινώνει ὅτι ἔφθασαν εἰς Πειραιᾶ 300 τόννοι ἀλεύρου ἐκ Marseille.

Τὸ Ἐμπορικὸν Τμῆμα τοῦ Ὑπουργείου τοῦ Ἐπισιτισμοῦ διὰ τῆς παρούσης ἀνακοινώνει ὅτι ἔφθασαν εἰς Πειραιᾶ 300 τόννοι ἀλεύρου ἐκ Marseille.

(Ἐκ τοῦ ὑπουργείου Ἐπισιτισμοῦ)
ΥΠΟΥΡΓΕΙΟΝ ΕΠΙΣΙΤΙΣΜΟΥ ΚΑΙ ΑΝΤΙΛΗΨΕΩΣ

Γίνεται γνωστὸν τοῖς ἐνδιαφερομένοις ὅτι τὸ Ἐμπορικὸν τμῆμα θὰ δέχηται προσφορὰς διὰ τὴν προμήθειαν σίτου.

Γίνεται γνωστὸν τοῖς ἐνδιαφερομένοις ὅτι τὸ Ἐμπορικὸν τμῆμα θὰ δέχηται προσφορὰς διὰ τὴν προμήθειαν σίτου.

(Ἐκ τοῦ ὑπουργείου Ἐπισιτισμοῦ)
